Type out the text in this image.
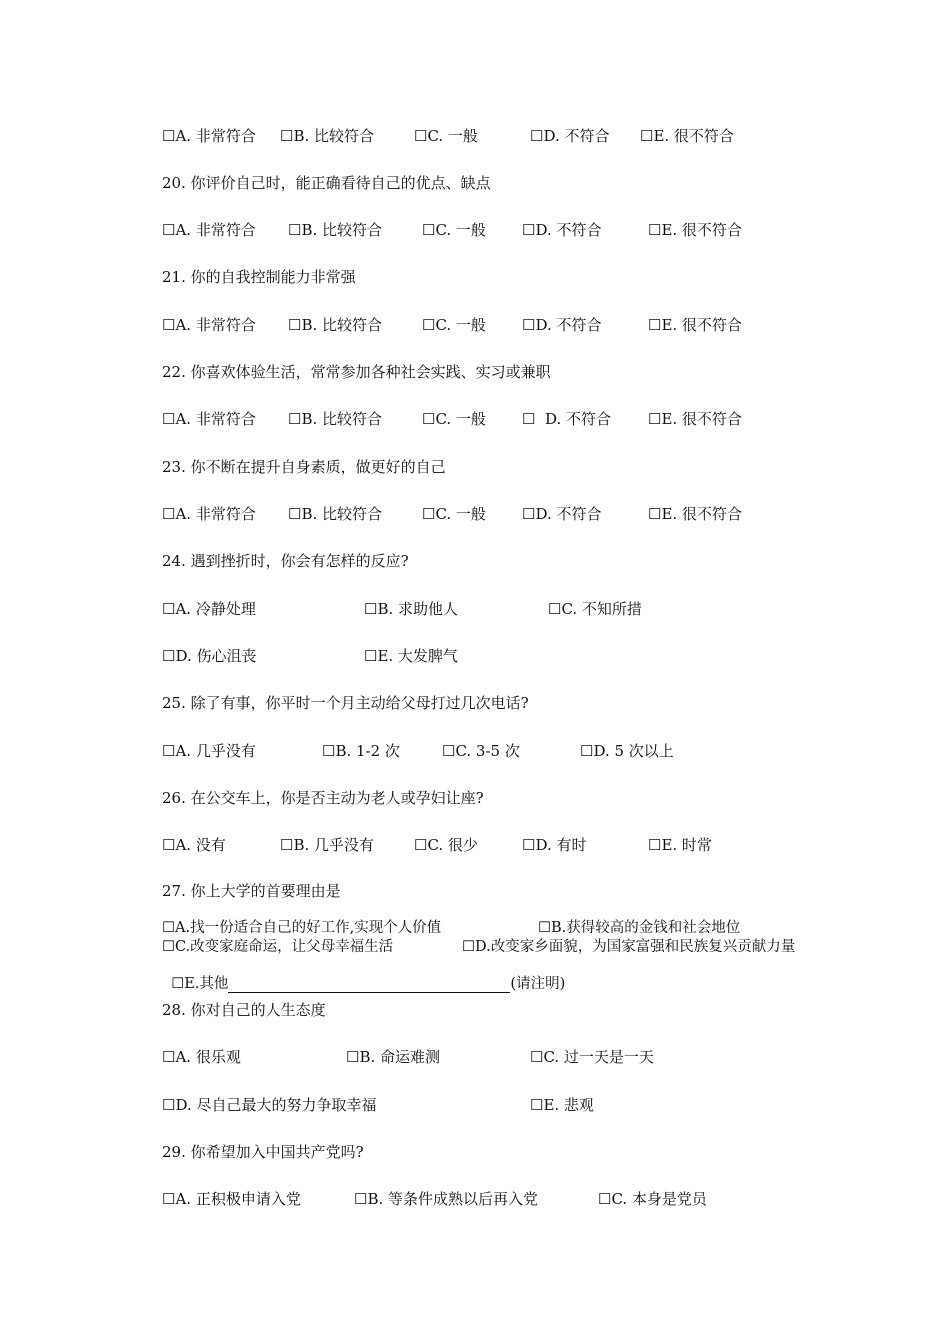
☐A. 非常符合 ☐B. 比较符合	☐C. 一般	☐D. 不符合 ☐E. 很不符合
20. 你评价自己时，能正确看待自己的优点、缺点
☐A. 非常符合 ☐B. 比较符合	☐C. 一般 ☐D. 不符合	☐E. 很不符合
21. 你的自我控制能力非常强
☐A. 非常符合 ☐B. 比较符合	☐C. 一般 ☐D. 不符合	☐E. 很不符合
22. 你喜欢体验生活，常常参加各种社会实践、实习或兼职
☐A. 非常符合 ☐B. 比较符合	☐C. 一般 ☐  D. 不符合 ☐E. 很不符合
23. 你不断在提升自身素质，做更好的自己
☐A. 非常符合 ☐B. 比较符合	☐C. 一般 ☐D. 不符合	☐E. 很不符合
24. 遇到挫折时，你会有怎样的反应?
☐A. 冷静处理	☐B. 求助他人	☐C. 不知所措
☐D. 伤心沮丧	☐E. 大发脾气
25. 除了有事，你平时一个月主动给父母打过几次电话?
☐A. 几乎没有	☐B. 1-2 次	☐C. 3-5 次	☐D. 5 次以上
26. 在公交车上，你是否主动为老人或孕妇让座?
☐A. 没有	☐B. 几乎没有	☐C. 很少	☐D. 有时	☐E. 时常
27. 你上大学的首要理由是
☐A.找一份适合自己的好工作,实现个人价值	☐B.获得较高的金钱和社会地位
☐C.改变家庭命运，让父母幸福生活	☐D.改变家乡面貌，为国家富强和民族复兴贡献力量

☐E.其他	(请注明)

28. 你对自己的人生态度
☐A. 很乐观	☐B. 命运难测	☐C. 过一天是一天
☐D. 尽自己最大的努力争取幸福	☐E. 悲观
29. 你希望加入中国共产党吗?
☐A. 正积极申请入党	☐B. 等条件成熟以后再入党	☐C. 本身是党员
